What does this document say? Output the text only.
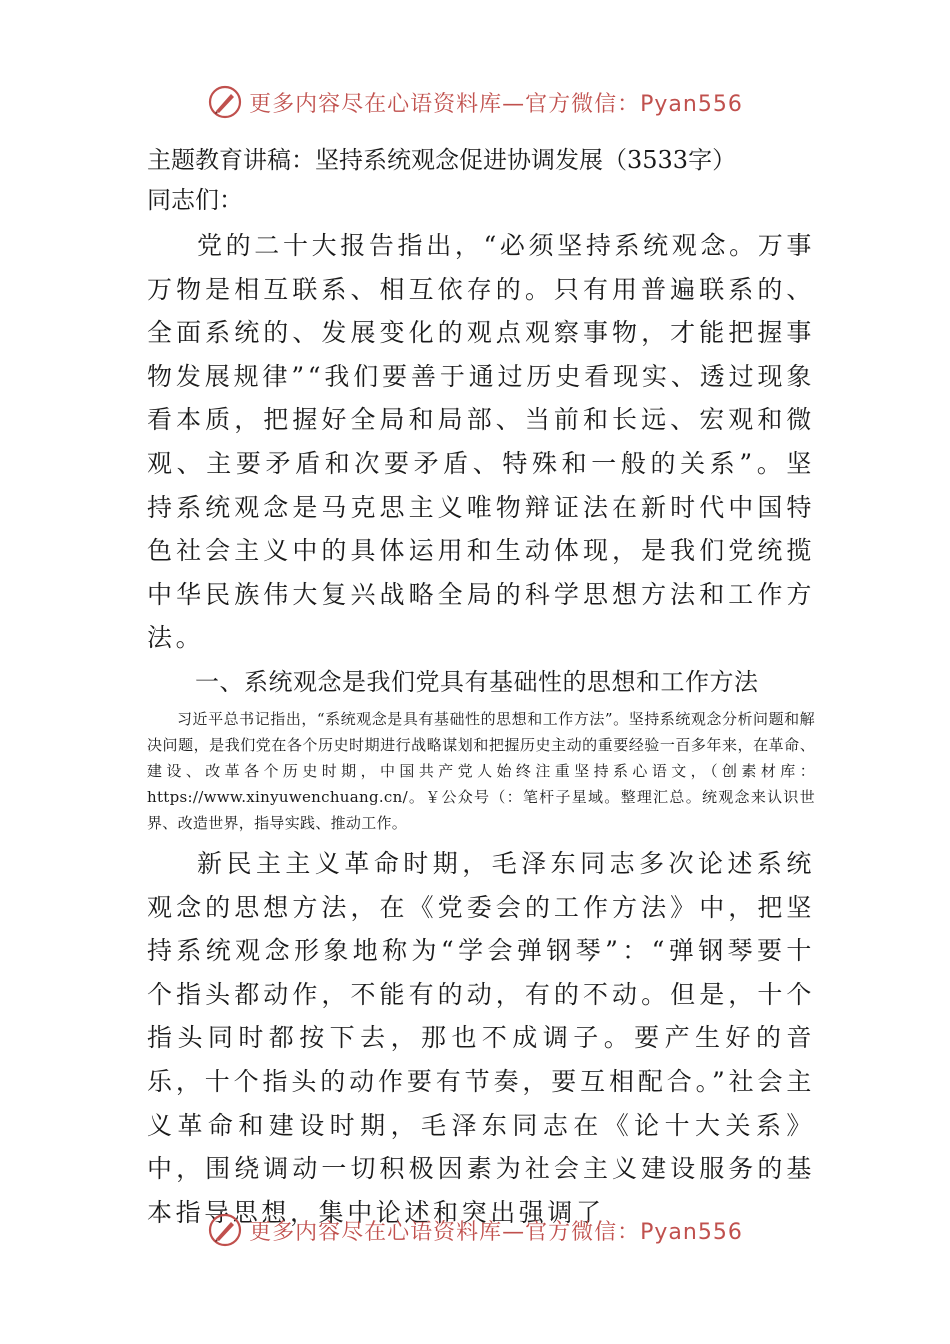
更多内容尽在心语资料库—官方微信：Pyan556

主题教育讲稿：坚持系统观念促进协调发展（3533字）

同志们：

党的二十大报告指出，“必须坚持系统观念。万事万物是相互联系、相互依存的。只有用普遍联系的、全面系统的、发展变化的观点观察事物，才能把握事物发展规律”“我们要善于通过历史看现实、透过现象看本质，把握好全局和局部、当前和长远、宏观和微观、主要矛盾和次要矛盾、特殊和一般的关系”。坚持系统观念是马克思主义唯物辩证法在新时代中国特色社会主义中的具体运用和生动体现，是我们党统揽中华民族伟大复兴战略全局的科学思想方法和工作方法。

一、系统观念是我们党具有基础性的思想和工作方法

习近平总书记指出，“系统观念是具有基础性的思想和工作方法”。坚持系统观念分析问题和解决问题，是我们党在各个历史时期进行战略谋划和把握历史主动的重要经验一百多年来，在革命、建设、改革各个历史时期，中国共产党人始终注重坚持系心语文，（创素材库：https://www.xinyuwenchuang.cn/。￥公众号（：笔杆子星域。整理汇总。统观念来认识世界、改造世界，指导实践、推动工作。

新民主主义革命时期，毛泽东同志多次论述系统观念的思想方法，在《党委会的工作方法》中，把坚持系统观念形象地称为“学会弹钢琴”：“弹钢琴要十个指头都动作，不能有的动，有的不动。但是，十个指头同时都按下去，那也不成调子。要产生好的音乐，十个指头的动作要有节奏，要互相配合。”社会主义革命和建设时期，毛泽东同志在《论十大关系》中，围绕调动一切积极因素为社会主义建设服务的基本指导思想，集中论述和突出强调了

更多内容尽在心语资料库—官方微信：Pyan556
